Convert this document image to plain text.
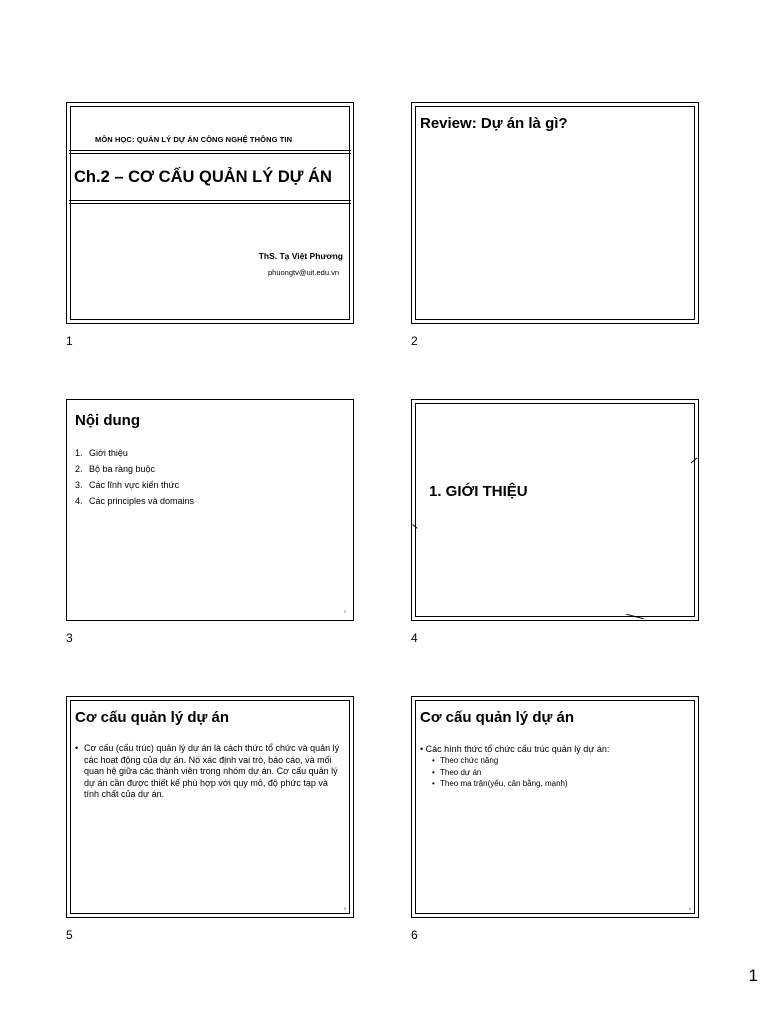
MÔN HỌC: QUẢN LÝ DỰ ÁN CÔNG NGHỆ THÔNG TIN
Ch.2 – CƠ CẤU QUẢN LÝ DỰ ÁN
ThS. Tạ Việt Phương
phuongtv@uit.edu.vn
1
Review: Dự án là gì?
2
Nội dung
1. Giới thiệu
2. Bộ ba ràng buộc
3. Các lĩnh vực kiến thức
4. Các principles và domains
3
3
1. GIỚI THIỆU
4
Cơ cấu quản lý dự án
• Cơ cấu (cấu trúc) quản lý dự án là cách thức tổ chức và quản lý các hoạt động của dự án. Nó xác định vai trò, báo cáo, và mối quan hệ giữa các thành viên trong nhóm dự án. Cơ cấu quản lý dự án cần được thiết kế phù hợp với quy mô, độ phức tạp và tính chất của dự án.
5
5
Cơ cấu quản lý dự án
• Các hình thức tổ chức cấu trúc quản lý dự án:
• Theo chức năng
• Theo dự án
• Theo ma trận(yếu, cân bằng, mạnh)
6
6
1
